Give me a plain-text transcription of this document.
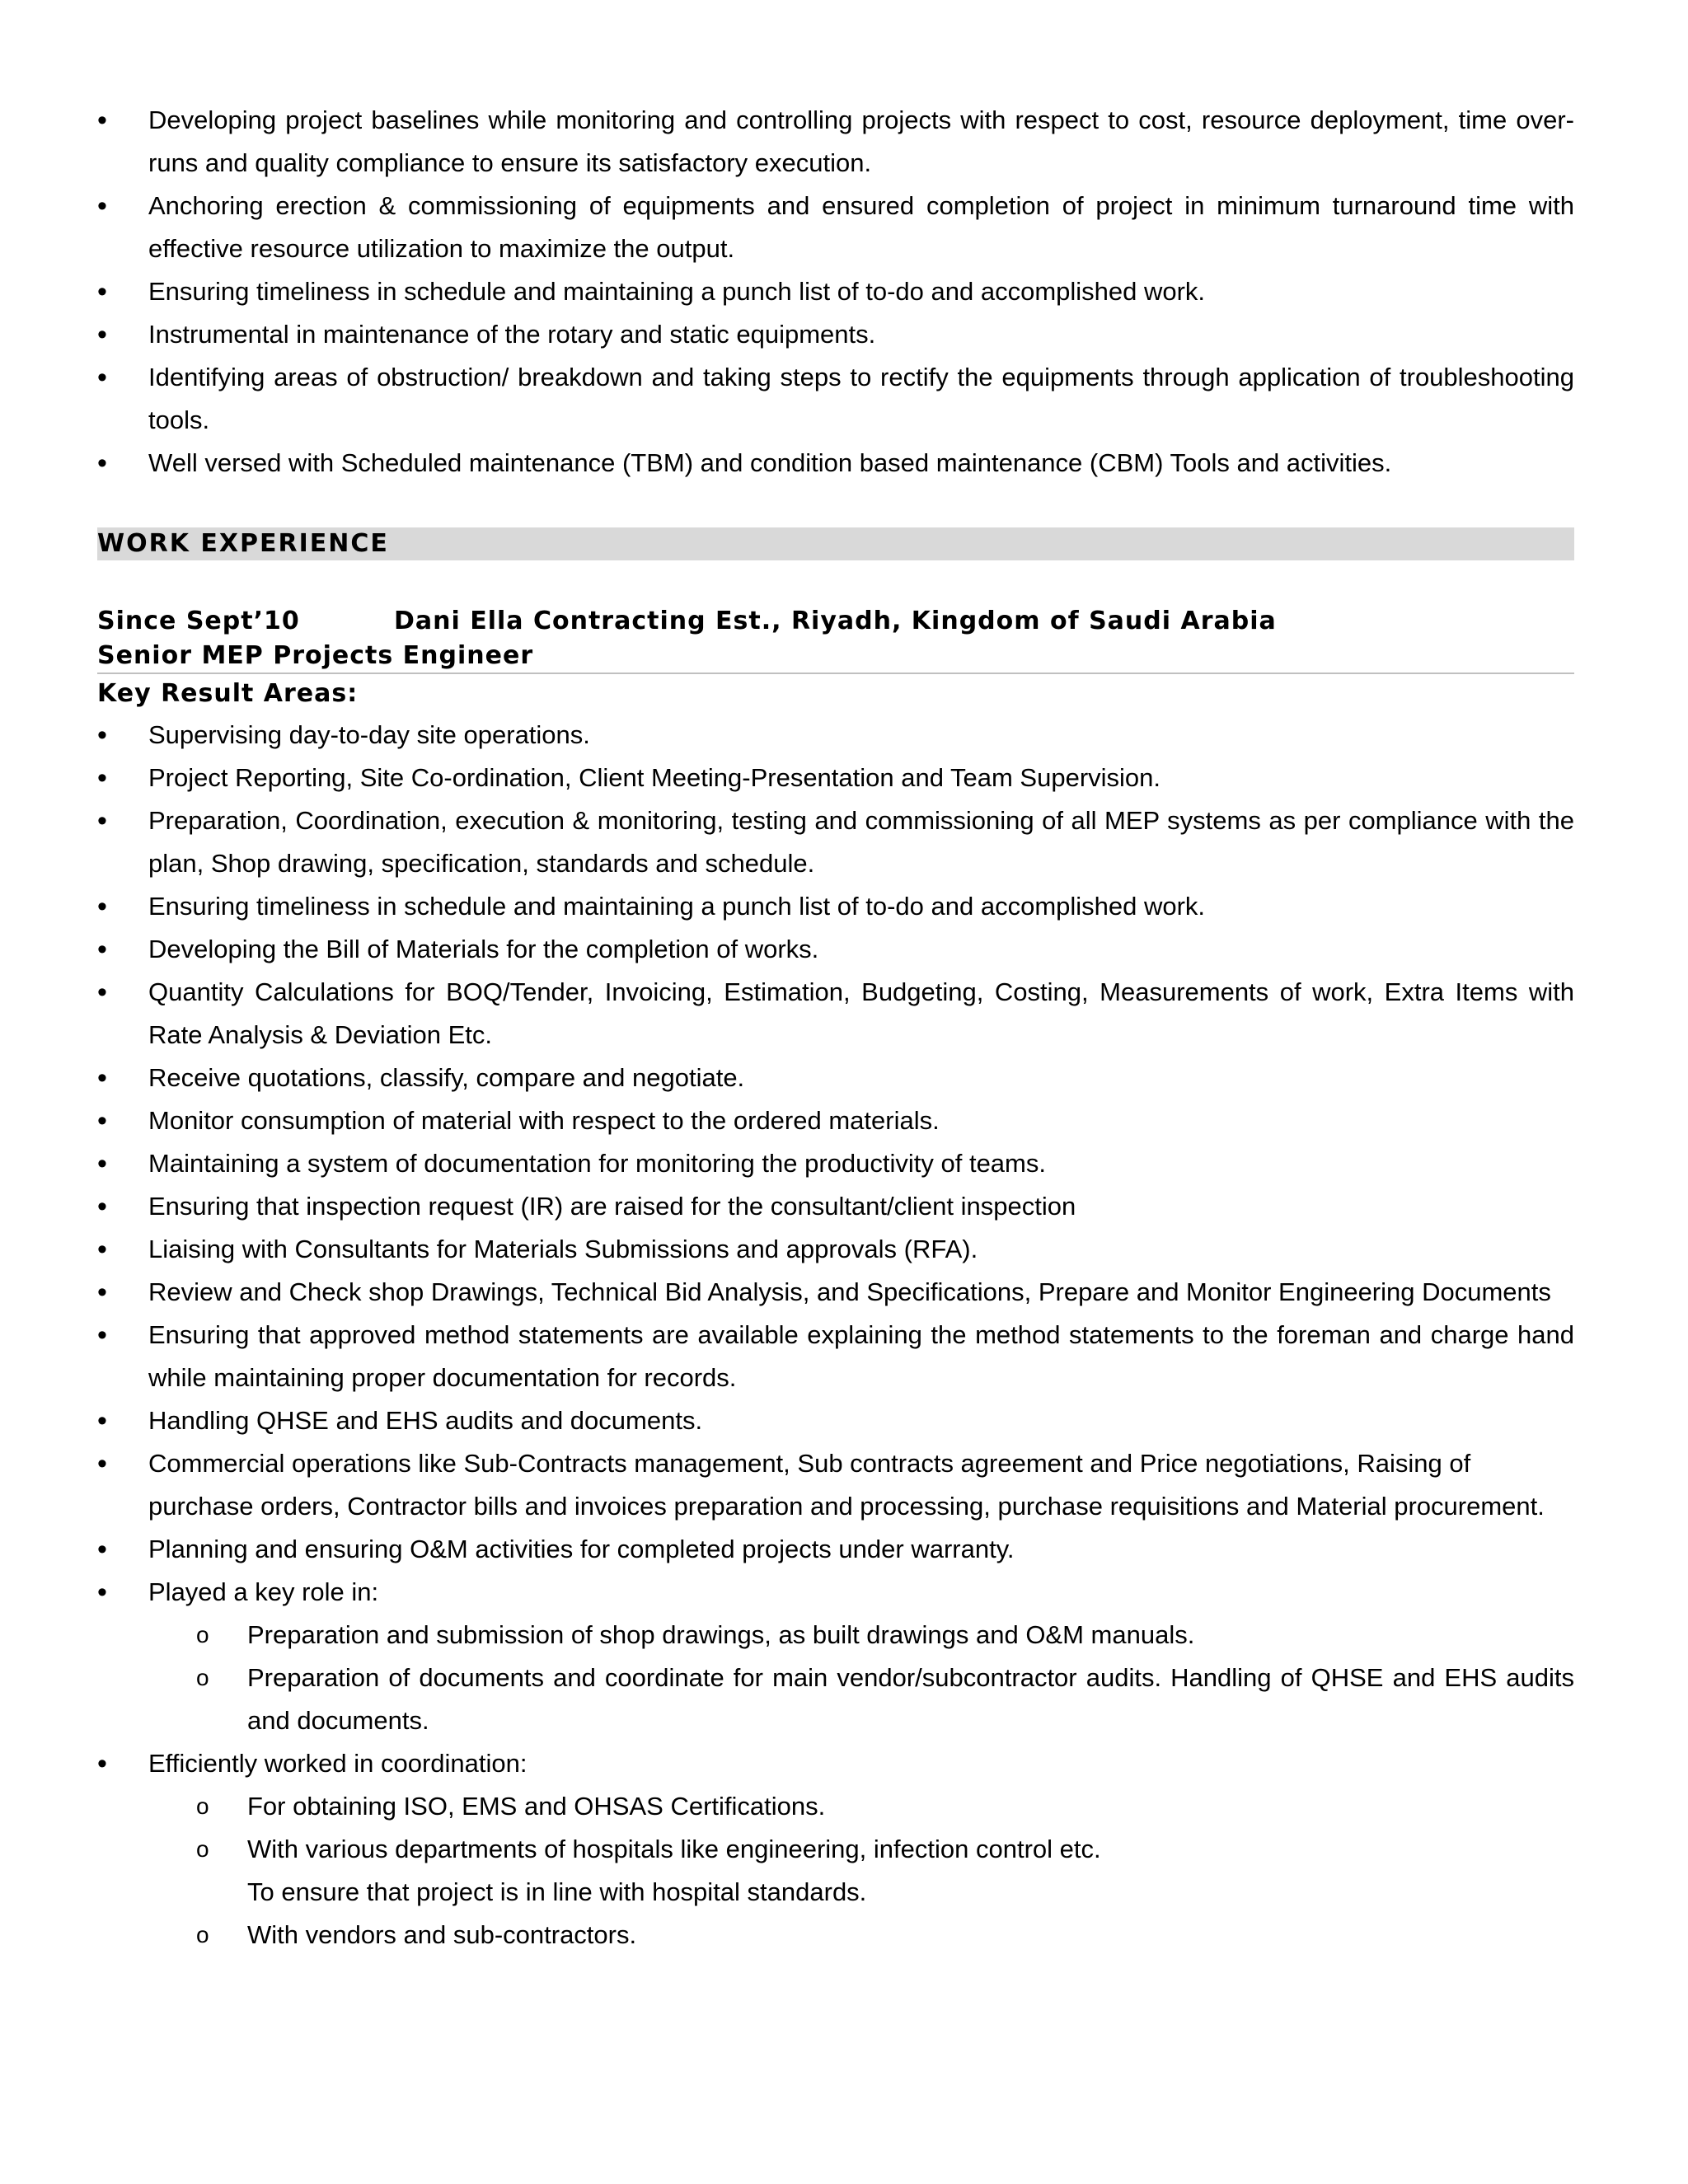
• Developing project baselines while monitoring and controlling projects with respect to cost, resource deployment, time over-runs and quality compliance to ensure its satisfactory execution.
• Anchoring erection & commissioning of equipments and ensured completion of project in minimum turnaround time with effective resource utilization to maximize the output.
• Ensuring timeliness in schedule and maintaining a punch list of to-do and accomplished work.
• Instrumental in maintenance of the rotary and static equipments.
• Identifying areas of obstruction/ breakdown and taking steps to rectify the equipments through application of troubleshooting tools.
• Well versed with Scheduled maintenance (TBM) and condition based maintenance (CBM) Tools and activities.
WORK EXPERIENCE
Since Sept’10	Dani Ella Contracting Est., Riyadh, Kingdom of Saudi Arabia
Senior MEP Projects Engineer
Key Result Areas:
• Supervising day-to-day site operations.
• Project Reporting, Site Co-ordination, Client Meeting-Presentation and Team Supervision.
• Preparation, Coordination, execution & monitoring, testing and commissioning of all MEP systems as per compliance with the plan, Shop drawing, specification, standards and schedule.
• Ensuring timeliness in schedule and maintaining a punch list of to-do and accomplished work.
• Developing the Bill of Materials for the completion of works.
• Quantity Calculations for BOQ/Tender, Invoicing, Estimation, Budgeting, Costing, Measurements of work, Extra Items with Rate Analysis & Deviation Etc.
• Receive quotations, classify, compare and negotiate.
• Monitor consumption of material with respect to the ordered materials.
• Maintaining a system of documentation for monitoring the productivity of teams.
• Ensuring that inspection request (IR) are raised for the consultant/client inspection
• Liaising with Consultants for Materials Submissions and approvals (RFA).
• Review and Check shop Drawings, Technical Bid Analysis, and Specifications, Prepare and Monitor Engineering Documents
• Ensuring that approved method statements are available explaining the method statements to the foreman and charge hand while maintaining proper documentation for records.
• Handling QHSE and EHS audits and documents.
• Commercial operations like Sub-Contracts management, Sub contracts agreement and Price negotiations, Raising of purchase orders, Contractor bills and invoices preparation and processing, purchase requisitions and Material procurement.
• Planning and ensuring O&M activities for completed projects under warranty.
• Played a key role in:
o Preparation and submission of shop drawings, as built drawings and O&M manuals.
o Preparation of documents and coordinate for main vendor/subcontractor audits. Handling of QHSE and EHS audits and documents.
• Efficiently worked in coordination:
o For obtaining ISO, EMS and OHSAS Certifications.
o With various departments of hospitals like engineering, infection control etc.
To ensure that project is in line with hospital standards.
o With vendors and sub-contractors.
